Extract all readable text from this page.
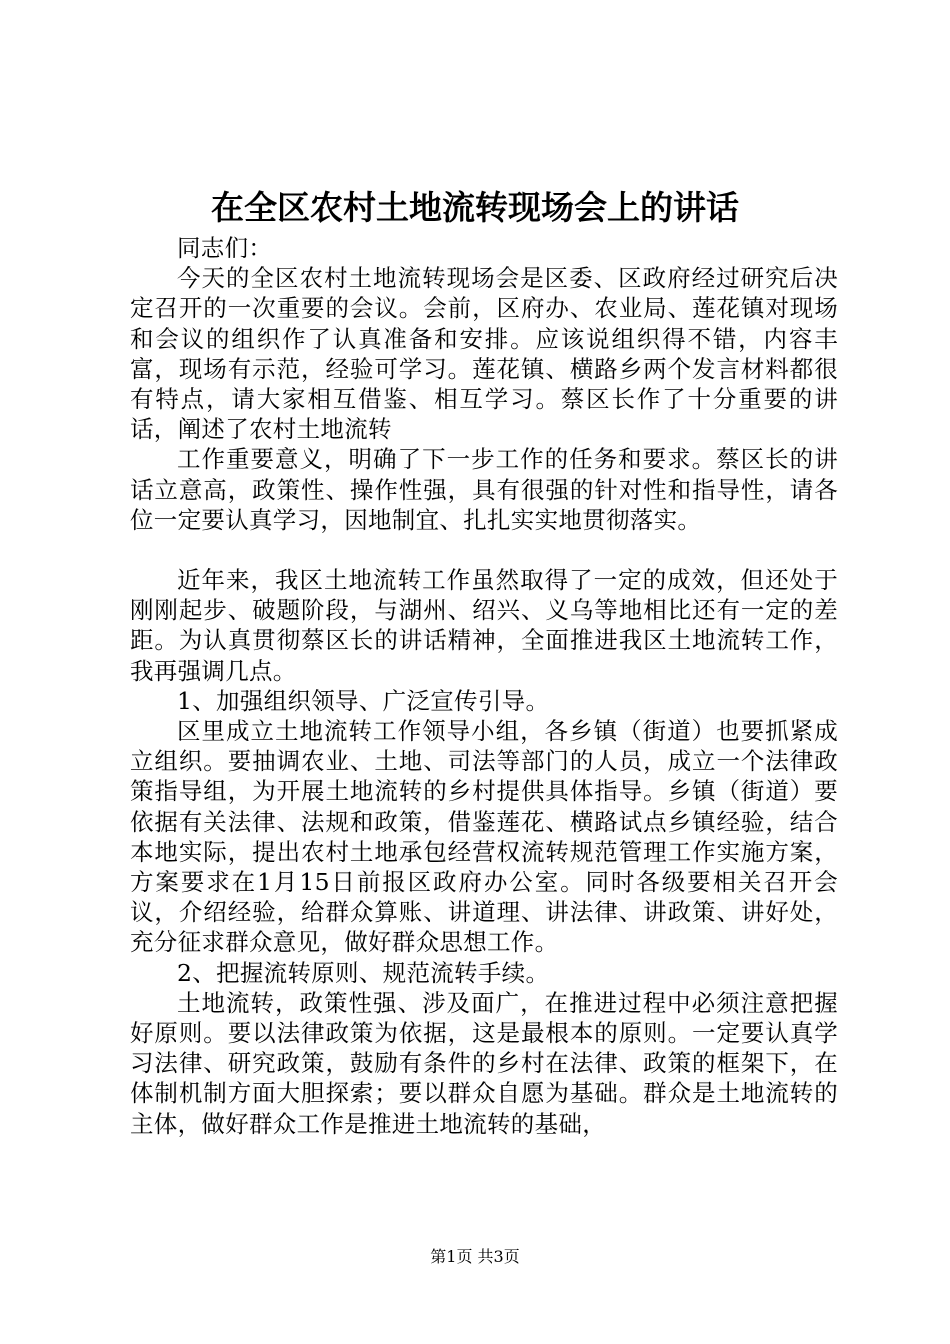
在全区农村土地流转现场会上的讲话

同志们：

今天的全区农村土地流转现场会是区委、区政府经过研究后决定召开的一次重要的会议。会前，区府办、农业局、莲花镇对现场和会议的组织作了认真准备和安排。应该说组织得不错，内容丰富，现场有示范，经验可学习。莲花镇、横路乡两个发言材料都很有特点，请大家相互借鉴、相互学习。蔡区长作了十分重要的讲话，阐述了农村土地流转

工作重要意义，明确了下一步工作的任务和要求。蔡区长的讲话立意高，政策性、操作性强，具有很强的针对性和指导性，请各位一定要认真学习，因地制宜、扎扎实实地贯彻落实。

近年来，我区土地流转工作虽然取得了一定的成效，但还处于刚刚起步、破题阶段，与湖州、绍兴、义乌等地相比还有一定的差距。为认真贯彻蔡区长的讲话精神，全面推进我区土地流转工作，我再强调几点。

1、加强组织领导、广泛宣传引导。

区里成立土地流转工作领导小组，各乡镇（街道）也要抓紧成立组织。要抽调农业、土地、司法等部门的人员，成立一个法律政策指导组，为开展土地流转的乡村提供具体指导。乡镇（街道）要依据有关法律、法规和政策，借鉴莲花、横路试点乡镇经验，结合本地实际，提出农村土地承包经营权流转规范管理工作实施方案，方案要求在1月15日前报区政府办公室。同时各级要相关召开会议，介绍经验，给群众算账、讲道理、讲法律、讲政策、讲好处，充分征求群众意见，做好群众思想工作。

2、把握流转原则、规范流转手续。

土地流转，政策性强、涉及面广，在推进过程中必须注意把握好原则。要以法律政策为依据，这是最根本的原则。一定要认真学习法律、研究政策，鼓励有条件的乡村在法律、政策的框架下，在体制机制方面大胆探索；要以群众自愿为基础。群众是土地流转的主体，做好群众工作是推进土地流转的基础，

第1页 共3页
